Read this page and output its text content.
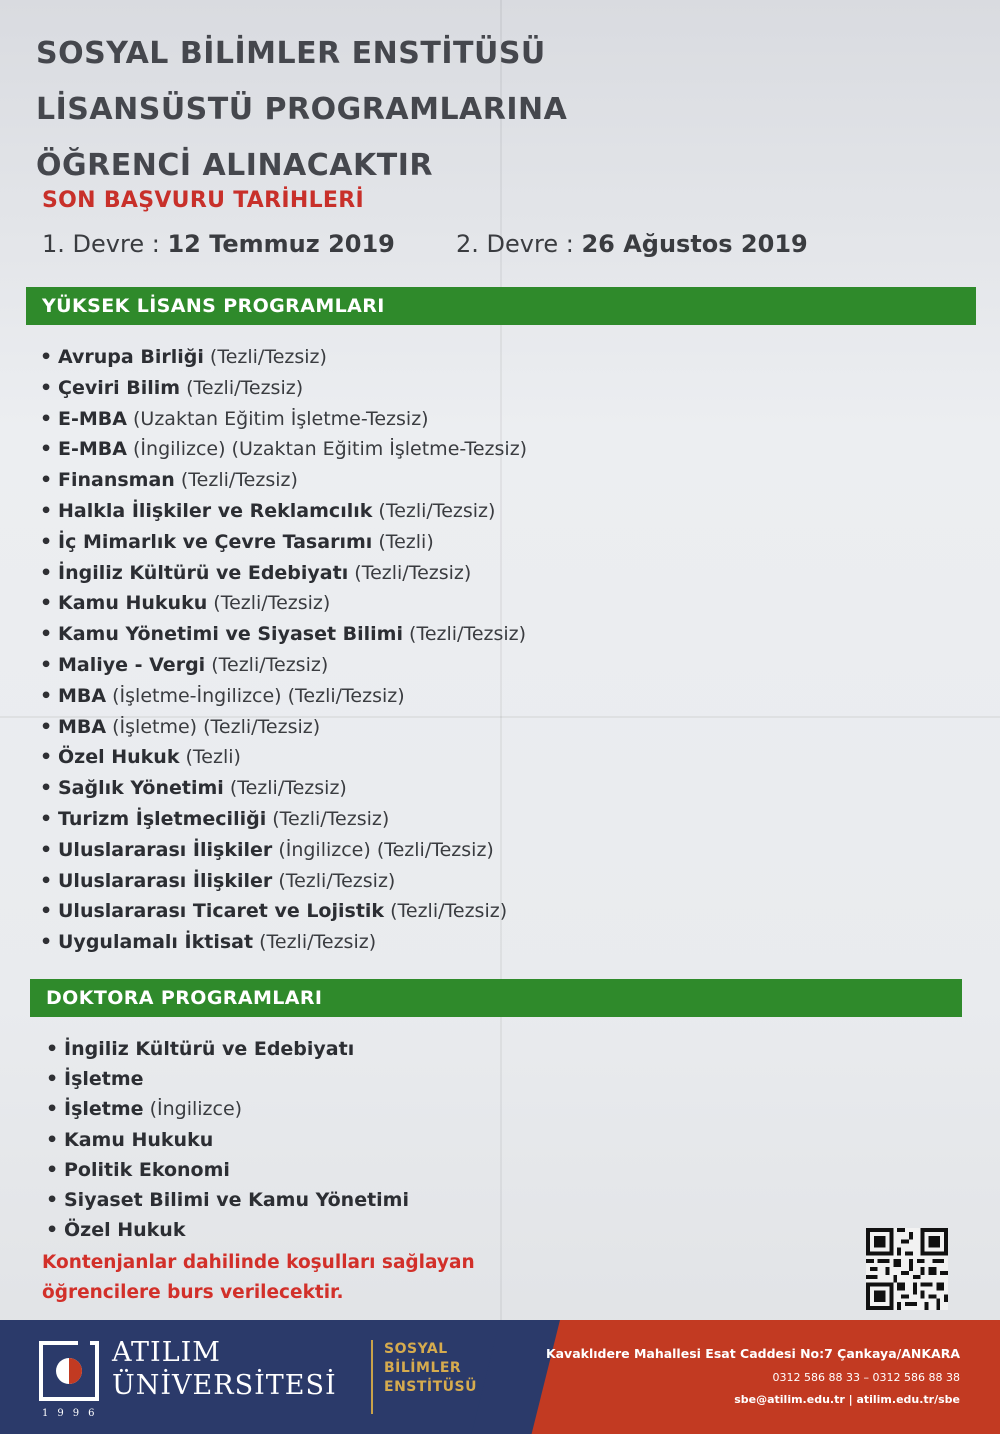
SOSYAL BİLİMLER ENSTİTÜSÜ
LİSANSÜSTÜ PROGRAMLARINA
ÖĞRENCİ ALINACAKTIR
SON BAŞVURU TARİHLERİ
1. Devre : 12 Temmuz 2019	2. Devre : 26 Ağustos 2019
YÜKSEK LİSANS PROGRAMLARI
• Avrupa Birliği (Tezli/Tezsiz)
• Çeviri Bilim (Tezli/Tezsiz)
• E-MBA (Uzaktan Eğitim İşletme-Tezsiz)
• E-MBA (İngilizce) (Uzaktan Eğitim İşletme-Tezsiz)
• Finansman (Tezli/Tezsiz)
• Halkla İlişkiler ve Reklamcılık (Tezli/Tezsiz)
• İç Mimarlık ve Çevre Tasarımı (Tezli)
• İngiliz Kültürü ve Edebiyatı (Tezli/Tezsiz)
• Kamu Hukuku (Tezli/Tezsiz)
• Kamu Yönetimi ve Siyaset Bilimi (Tezli/Tezsiz)
• Maliye - Vergi (Tezli/Tezsiz)
• MBA (İşletme-İngilizce) (Tezli/Tezsiz)
• MBA (İşletme) (Tezli/Tezsiz)
• Özel Hukuk (Tezli)
• Sağlık Yönetimi (Tezli/Tezsiz)
• Turizm İşletmeciliği (Tezli/Tezsiz)
• Uluslararası İlişkiler (İngilizce) (Tezli/Tezsiz)
• Uluslararası İlişkiler (Tezli/Tezsiz)
• Uluslararası Ticaret ve Lojistik (Tezli/Tezsiz)
• Uygulamalı İktisat (Tezli/Tezsiz)
DOKTORA PROGRAMLARI
• İngiliz Kültürü ve Edebiyatı
• İşletme
• İşletme (İngilizce)
• Kamu Hukuku
• Politik Ekonomi
• Siyaset Bilimi ve Kamu Yönetimi
• Özel Hukuk
Kontenjanlar dahilinde koşulları sağlayan
öğrencilere burs verilecektir.
ATILIM
ÜNİVERSİTESİ
1996
SOSYAL
BİLİMLER
ENSTİTÜSÜ
Kavaklıdere Mahallesi Esat Caddesi No:7 Çankaya/ANKARA
0312 586 88 33 – 0312 586 88 38
sbe@atilim.edu.tr | atilim.edu.tr/sbe
